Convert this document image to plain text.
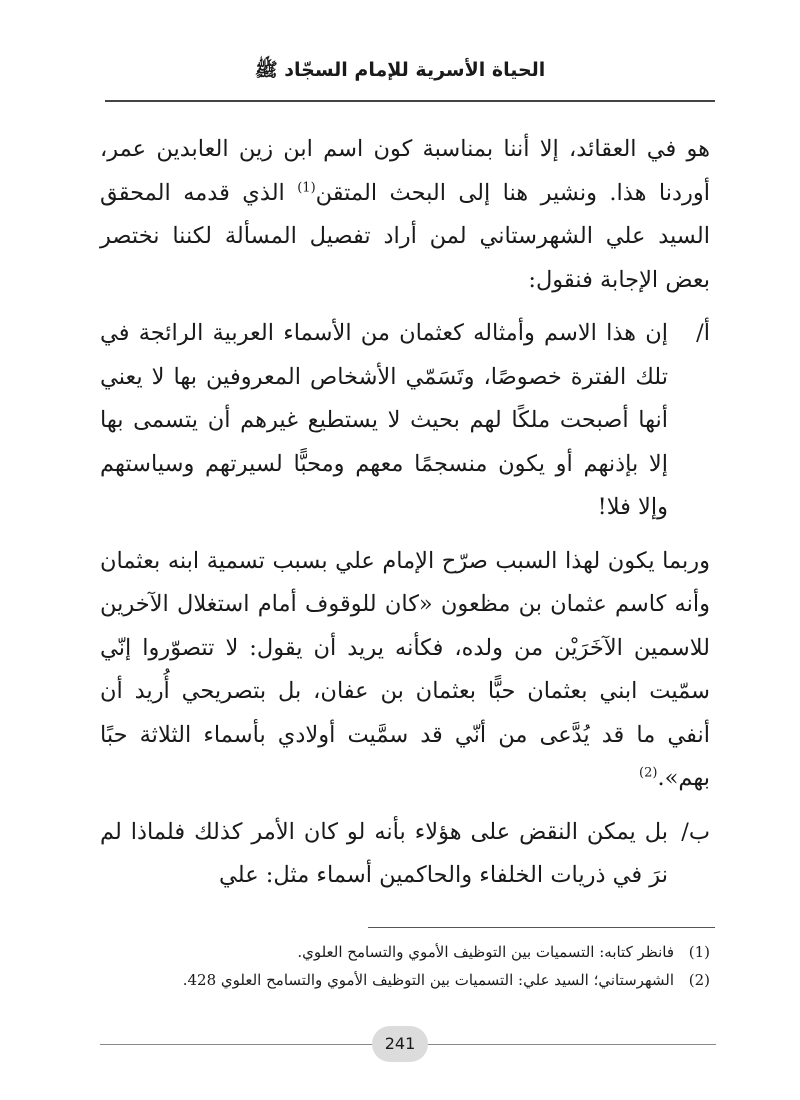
الحياة الأسرية للإمام السجّاد ﷺ

هو في العقائد، إلا أننا بمناسبة كون اسم ابن زين العابدين عمر، أوردنا هذا. ونشير هنا إلى البحث المتقن$^{(1)}$ الذي قدمه المحقق السيد علي الشهرستاني لمن أراد تفصيل المسألة لكننا نختصر بعض الإجابة فنقول:

أ/
إن هذا الاسم وأمثاله كعثمان من الأسماء العربية الرائجة في تلك الفترة خصوصًا، وتَسَمّي الأشخاص المعروفين بها لا يعني أنها أصبحت ملكًا لهم بحيث لا يستطيع غيرهم أن يتسمى بها إلا بإذنهم أو يكون منسجمًا معهم ومحبًّا لسيرتهم وسياستهم وإلا فلا!

وربما يكون لهذا السبب صرّح الإمام علي بسبب تسمية ابنه بعثمان وأنه كاسم عثمان بن مظعون «كان للوقوف أمام استغلال الآخرين للاسمين الآخَرَيْن من ولده، فكأنه يريد أن يقول: لا تتصوّروا إنّي سمّيت ابني بعثمان حبًّا بعثمان بن عفان، بل بتصريحي أُريد أن أنفي ما قد يُدَّعى من أنّي قد سمَّيت أولادي بأسماء الثلاثة حبًا بهم».$^{(2)}$

ب/
بل يمكن النقض على هؤلاء بأنه لو كان الأمر كذلك فلماذا لم نرَ في ذريات الخلفاء والحاكمين أسماء مثل: علي
(1)
فانظر كتابه: التسميات بين التوظيف الأموي والتسامح العلوي.
(2)
الشهرستاني؛ السيد علي: التسميات بين التوظيف الأموي والتسامح العلوي 428.
241
